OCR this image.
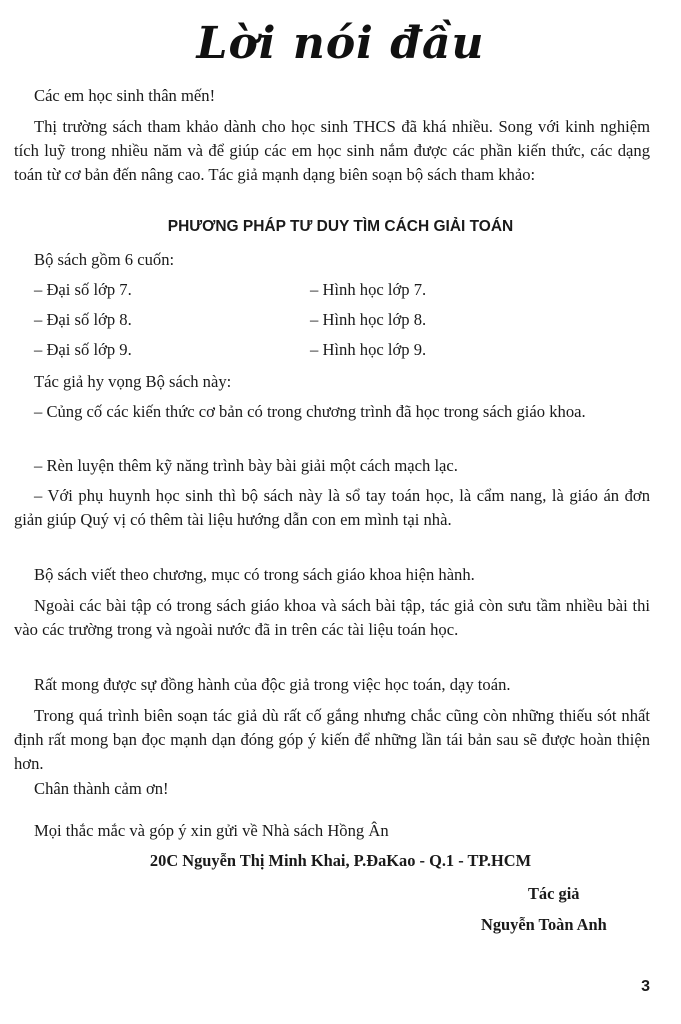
Lời nói đầu
Các em học sinh thân mến!
Thị trường sách tham khảo dành cho học sinh THCS đã khá nhiều. Song với kinh nghiệm tích luỹ trong nhiều năm và để giúp các em học sinh nắm được các phần kiến thức, các dạng toán từ cơ bản đến nâng cao. Tác giả mạnh dạng biên soạn bộ sách tham khảo:
PHƯƠNG PHÁP TƯ DUY TÌM CÁCH GIẢI TOÁN
Bộ sách gồm 6 cuốn:
– Đại số lớp 7.
– Đại số lớp 8.
– Đại số lớp 9.
– Hình học lớp 7.
– Hình học lớp 8.
– Hình học lớp 9.
Tác giả hy vọng Bộ sách này:
– Củng cố các kiến thức cơ bản có trong chương trình đã học trong sách giáo khoa.
– Rèn luyện thêm kỹ năng trình bày bài giải một cách mạch lạc.
– Với phụ huynh học sinh thì bộ sách này là sổ tay toán học, là cẩm nang, là giáo án đơn giản giúp Quý vị có thêm tài liệu hướng dẫn con em mình tại nhà.
Bộ sách viết theo chương, mục có trong sách giáo khoa hiện hành.
Ngoài các bài tập có trong sách giáo khoa và sách bài tập, tác giả còn sưu tầm nhiều bài thi vào các trường trong và ngoài nước đã in trên các tài liệu toán học.
Rất mong được sự đồng hành của độc giả trong việc học toán, dạy toán.
Trong quá trình biên soạn tác giả dù rất cố gắng nhưng chắc cũng còn những thiếu sót nhất định rất mong bạn đọc mạnh dạn đóng góp ý kiến để những lần tái bản sau sẽ được hoàn thiện hơn.
Chân thành cảm ơn!
Mọi thắc mắc và góp ý xin gửi về Nhà sách Hồng Ân
20C Nguyễn Thị Minh Khai, P.ĐaKao - Q.1 - TP.HCM
Tác giả
Nguyễn Toàn Anh
3
